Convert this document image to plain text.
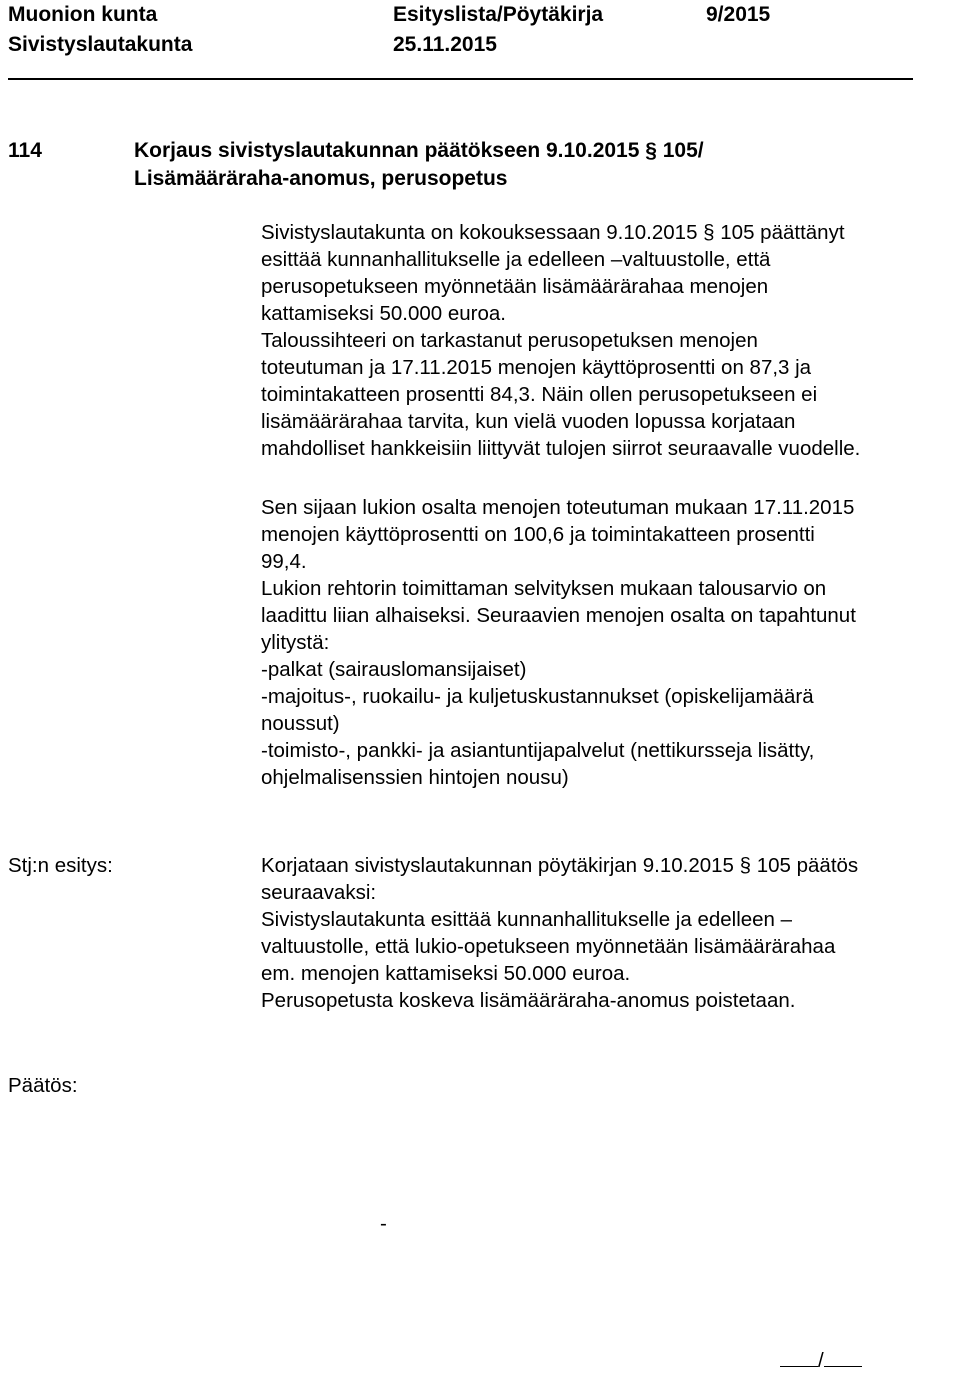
Muonion kunta	Esityslista/Pöytäkirja	9/2015
Sivistyslautakunta	25.11.2015
114	Korjaus sivistyslautakunnan päätökseen 9.10.2015 § 105/
Lisämääräraha-anomus, perusopetus
Sivistyslautakunta on kokouksessaan 9.10.2015 § 105 päättänyt
esittää kunnanhallitukselle ja edelleen –valtuustolle, että
perusopetukseen myönnetään lisämäärärahaa menojen
kattamiseksi 50.000 euroa.
Taloussihteeri on tarkastanut perusopetuksen menojen
toteutuman ja 17.11.2015 menojen käyttöprosentti on 87,3 ja
toimintakatteen prosentti 84,3. Näin ollen perusopetukseen ei
lisämäärärahaa tarvita, kun vielä vuoden lopussa korjataan
mahdolliset hankkeisiin liittyvät tulojen siirrot seuraavalle vuodelle.
Sen sijaan lukion osalta menojen toteutuman mukaan 17.11.2015
menojen käyttöprosentti on 100,6 ja toimintakatteen prosentti
99,4.
Lukion rehtorin toimittaman selvityksen mukaan talousarvio on
laadittu liian alhaiseksi. Seuraavien menojen osalta on tapahtunut
ylitystä:
-palkat (sairauslomansijaiset)
-majoitus-, ruokailu- ja kuljetuskustannukset (opiskelijamäärä
noussut)
-toimisto-, pankki- ja asiantuntijapalvelut (nettikursseja lisätty,
ohjelmalisenssien hintojen nousu)
Stj:n esitys:	Korjataan sivistyslautakunnan pöytäkirjan 9.10.2015 § 105 päätös
seuraavaksi:
Sivistyslautakunta esittää kunnanhallitukselle ja edelleen –
valtuustolle, että lukio-opetukseen myönnetään lisämäärärahaa
em. menojen kattamiseksi 50.000 euroa.
Perusopetusta koskeva lisämääräraha-anomus poistetaan.
Päätös:
-
/
